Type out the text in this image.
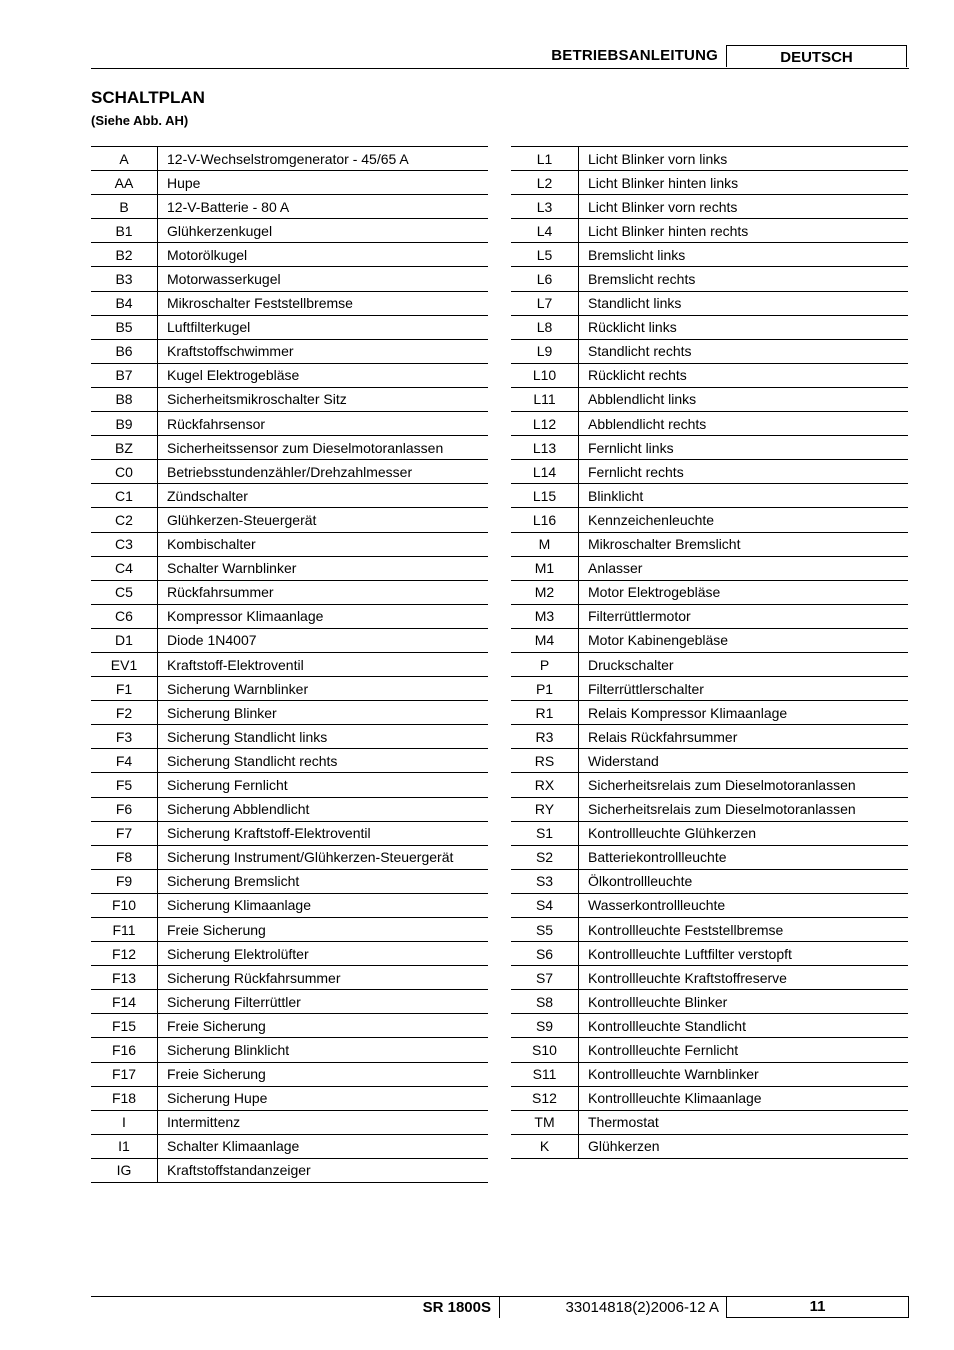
BETRIEBSANLEITUNG	DEUTSCH
SCHALTPLAN
(Siehe Abb. AH)
A	12-V-Wechselstromgenerator - 45/65 A
AA	Hupe
B	12-V-Batterie - 80 A
B1	Glühkerzenkugel
B2	Motorölkugel
B3	Motorwasserkugel
B4	Mikroschalter Feststellbremse
B5	Luftfilterkugel
B6	Kraftstoffschwimmer
B7	Kugel Elektrogebläse
B8	Sicherheitsmikroschalter Sitz
B9	Rückfahrsensor
BZ	Sicherheitssensor zum Dieselmotoranlassen
C0	Betriebsstundenzähler/Drehzahlmesser
C1	Zündschalter
C2	Glühkerzen-Steuergerät
C3	Kombischalter
C4	Schalter Warnblinker
C5	Rückfahrsummer
C6	Kompressor Klimaanlage
D1	Diode 1N4007
EV1	Kraftstoff-Elektroventil
F1	Sicherung Warnblinker
F2	Sicherung Blinker
F3	Sicherung Standlicht links
F4	Sicherung Standlicht rechts
F5	Sicherung Fernlicht
F6	Sicherung Abblendlicht
F7	Sicherung Kraftstoff-Elektroventil
F8	Sicherung Instrument/Glühkerzen-Steuergerät
F9	Sicherung Bremslicht
F10	Sicherung Klimaanlage
F11	Freie Sicherung
F12	Sicherung Elektrolüfter
F13	Sicherung Rückfahrsummer
F14	Sicherung Filterrüttler
F15	Freie Sicherung
F16	Sicherung Blinklicht
F17	Freie Sicherung
F18	Sicherung Hupe
I	Intermittenz
I1	Schalter Klimaanlage
IG	Kraftstoffstandanzeiger
L1	Licht Blinker vorn links
L2	Licht Blinker hinten links
L3	Licht Blinker vorn rechts
L4	Licht Blinker hinten rechts
L5	Bremslicht links
L6	Bremslicht rechts
L7	Standlicht links
L8	Rücklicht links
L9	Standlicht rechts
L10	Rücklicht rechts
L11	Abblendlicht links
L12	Abblendlicht rechts
L13	Fernlicht links
L14	Fernlicht rechts
L15	Blinklicht
L16	Kennzeichenleuchte
M	Mikroschalter Bremslicht
M1	Anlasser
M2	Motor Elektrogebläse
M3	Filterrüttlermotor
M4	Motor Kabinengebläse
P	Druckschalter
P1	Filterrüttlerschalter
R1	Relais Kompressor Klimaanlage
R3	Relais Rückfahrsummer
RS	Widerstand
RX	Sicherheitsrelais zum Dieselmotoranlassen
RY	Sicherheitsrelais zum Dieselmotoranlassen
S1	Kontrollleuchte Glühkerzen
S2	Batteriekontrollleuchte
S3	Ölkontrollleuchte
S4	Wasserkontrollleuchte
S5	Kontrollleuchte Feststellbremse
S6	Kontrollleuchte Luftfilter verstopft
S7	Kontrollleuchte Kraftstoffreserve
S8	Kontrollleuchte Blinker
S9	Kontrollleuchte Standlicht
S10	Kontrollleuchte Fernlicht
S11	Kontrollleuchte Warnblinker
S12	Kontrollleuchte Klimaanlage
TM	Thermostat
K	Glühkerzen
SR 1800S	33014818(2)2006-12 A	11
